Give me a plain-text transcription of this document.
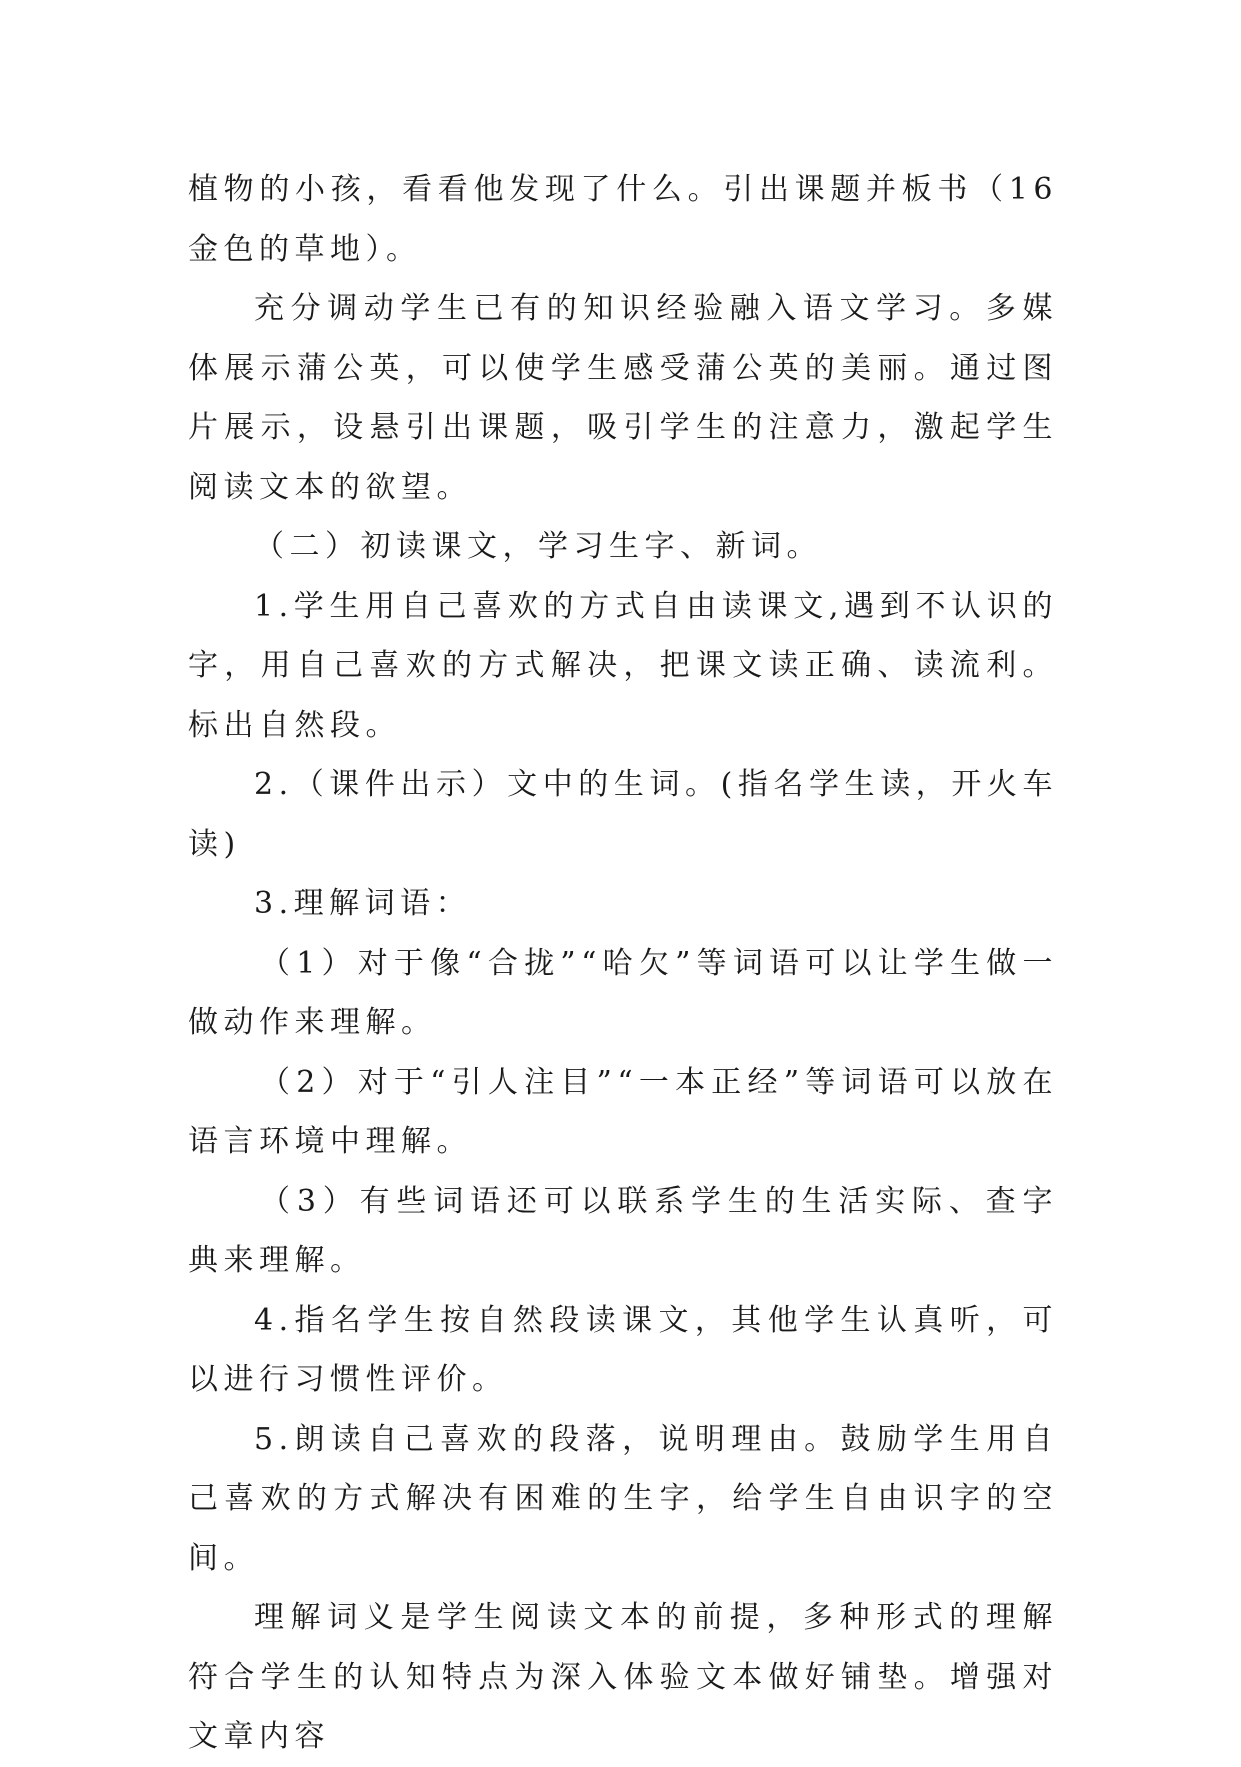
植物的小孩，看看他发现了什么。引出课题并板书（16 金色的草地）。

充分调动学生已有的知识经验融入语文学习。多媒体展示蒲公英，可以使学生感受蒲公英的美丽。通过图片展示，设悬引出课题，吸引学生的注意力，激起学生阅读文本的欲望。

（二）初读课文，学习生字、新词。

1.学生用自己喜欢的方式自由读课文,遇到不认识的字，用自己喜欢的方式解决，把课文读正确、读流利。标出自然段。

2.（课件出示）文中的生词。(指名学生读，开火车读)

3.理解词语：

（1）对于像“合拢”“哈欠”等词语可以让学生做一做动作来理解。

（2）对于“引人注目”“一本正经”等词语可以放在语言环境中理解。

（3）有些词语还可以联系学生的生活实际、查字典来理解。

4.指名学生按自然段读课文，其他学生认真听，可以进行习惯性评价。

5.朗读自己喜欢的段落，说明理由。鼓励学生用自己喜欢的方式解决有困难的生字，给学生自由识字的空间。

理解词义是学生阅读文本的前提，多种形式的理解符合学生的认知特点为深入体验文本做好铺垫。增强对文章内容
